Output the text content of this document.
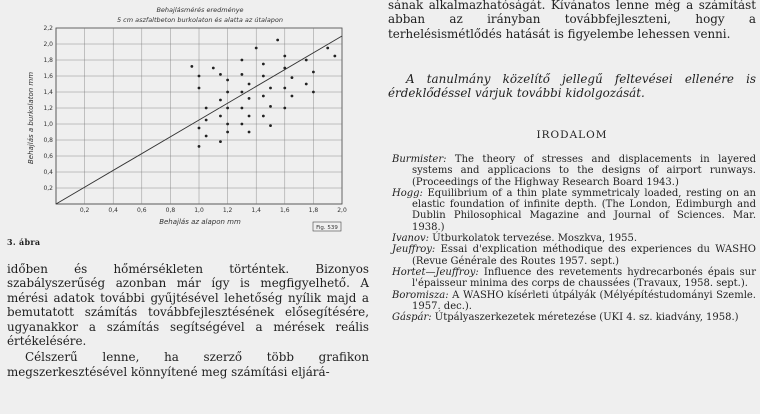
Behajlásmérés eredménye
5 cm aszfaltbeton burkolaton és alatta az útalapon
0,2	0,4	0,6	0,8	1,0	1,2	1,4	1,6	1,8	2,0
0,2
0,4
0,6
0,8
1,0
1,2
1,4
1,6
1,8
2,0
2,2
Behajlás az alapon mm
Behajlás a burkolaton mm
Fig. 539
3. ábra

időben és hőmérsékleten történtek. Bizonyos szabályszerűség azonban már így is megfigyelhető. A mérési adatok további gyűjtésével lehetőség nyílik majd a bemutatott számítás továbbfejlesztésének elősegítésére, ugyanakkor a számítás segítségével a mérések reális értékelésére.

Célszerű lenne, ha szerző több grafikon megszerkesztésével könnyítené meg számítási eljárá-

sának alkalmazhatóságát. Kívánatos lenne még a számítást abban az irányban továbbfejleszteni, hogy a terhelésismétlődés hatását is figyelembe lehessen venni.

A tanulmány közelítő jellegű feltevései ellenére is érdeklődéssel várjuk további kidolgozását.
IRODALOM
Burmister: The theory of stresses and displacements in layered systems and applicacions to the designs of airport runways. (Proceedings of the Highway Research Board 1943.)
Hogg: Equilibrium of a thin plate symmetricaly loaded, resting on an elastic foundation of infinite depth. (The London, Edimburgh and Dublin Philosophical Magazine and Journal of Sciences. Mar. 1938.)
Ivanov: Útburkolatok tervezése. Moszkva, 1955.
Jeuffroy: Essai d'explication méthodique des experiences du WASHO (Revue Générale des Routes 1957. sept.)
Hortet—Jeuffroy: Influence des revetements hydrecarbonés épais sur l'épaisseur minima des corps de chaussées (Travaux, 1958. sept.).
Boromisza: A WASHO kísérleti útpályák (Mélyépítéstudományi Szemle. 1957. dec.).
Gáspár: Útpályaszerkezetek méretezése (UKI 4. sz. kiadvány, 1958.)
